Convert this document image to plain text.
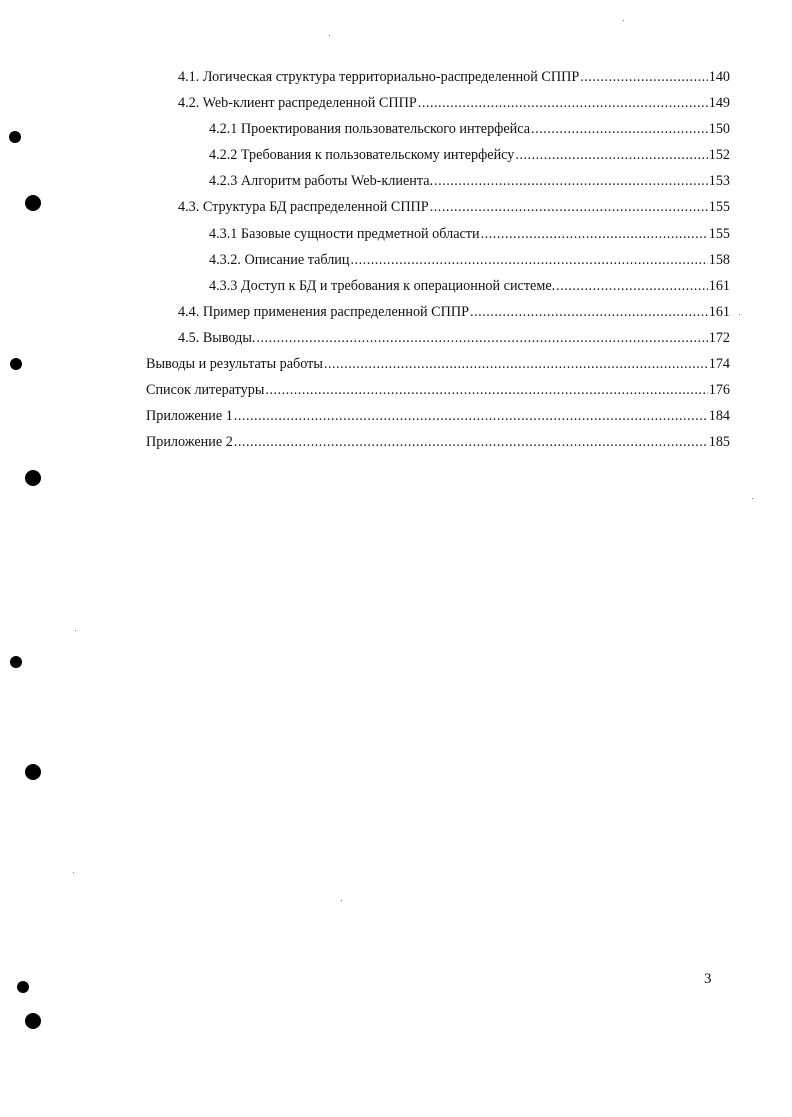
4.1. Логическая структура территориально-распределенной СППР .....	140
4.2. Web-клиент распределенной СППР .....	149
4.2.1 Проектирования пользовательского интерфейса .....	150
4.2.2 Требования к пользовательскому интерфейсу .....	152
4.2.3 Алгоритм работы Web-клиента. .....	153
4.3. Структура БД распределенной СППР .....	155
4.3.1 Базовые сущности предметной области .....	155
4.3.2. Описание таблиц .....	158
4.3.3 Доступ к БД и требования к операционной системе. .....	161
4.4. Пример применения распределенной СППР .....	161
4.5. Выводы. .....	172
Выводы и результаты работы .....	174
Список литературы .....	176
Приложение 1 .....	184
Приложение 2 .....	185
3
